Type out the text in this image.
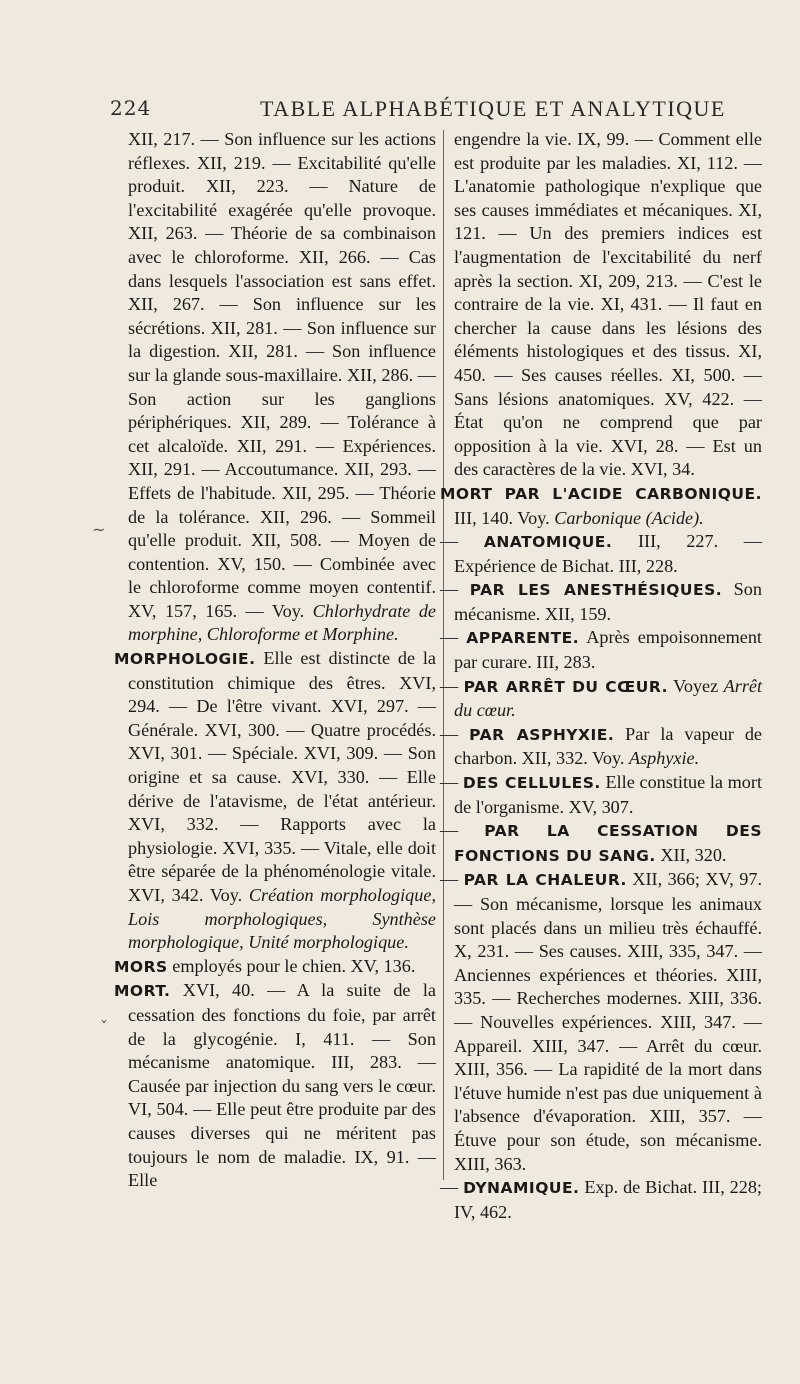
224	TABLE ALPHABÉTIQUE ET ANALYTIQUE
~
ˇ

XII, 217. — Son influence sur les actions réflexes. XII, 219. — Excitabilité qu'elle produit. XII, 223. — Nature de l'excitabilité exagérée qu'elle provoque. XII, 263. — Théorie de sa combinaison avec le chloroforme. XII, 266. — Cas dans lesquels l'association est sans effet. XII, 267. — Son influence sur les sécrétions. XII, 281. — Son influence sur la digestion. XII, 281. — Son influence sur la glande sous-maxillaire. XII, 286. — Son action sur les ganglions périphériques. XII, 289. — Tolérance à cet alcaloïde. XII, 291. — Expériences. XII, 291. — Accoutumance. XII, 293. — Effets de l'habitude. XII, 295. — Théorie de la tolérance. XII, 296. — Sommeil qu'elle produit. XII, 508. — Moyen de contention. XV, 150. — Combinée avec le chloroforme comme moyen contentif. XV, 157, 165. — Voy. Chlorhydrate de morphine, Chloroforme et Morphine.

MORPHOLOGIE. Elle est distincte de la constitution chimique des êtres. XVI, 294. — De l'être vivant. XVI, 297. — Générale. XVI, 300. — Quatre procédés. XVI, 301. — Spéciale. XVI, 309. — Son origine et sa cause. XVI, 330. — Elle dérive de l'atavisme, de l'état antérieur. XVI, 332. — Rapports avec la physiologie. XVI, 335. — Vitale, elle doit être séparée de la phénoménologie vitale. XVI, 342. Voy. Création morphologique, Lois morphologiques, Synthèse morphologique, Unité morphologique.

MORS employés pour le chien. XV, 136.

MORT. XVI, 40. — A la suite de la cessation des fonctions du foie, par arrêt de la glycogénie. I, 411. — Son mécanisme anatomique. III, 283. — Causée par injection du sang vers le cœur. VI, 504. — Elle peut être produite par des causes diverses qui ne méritent pas toujours le nom de maladie. IX, 91. — Elle

engendre la vie. IX, 99. — Comment elle est produite par les maladies. XI, 112. — L'anatomie pathologique n'explique que ses causes immédiates et mécaniques. XI, 121. — Un des premiers indices est l'augmentation de l'excitabilité du nerf après la section. XI, 209, 213. — C'est le contraire de la vie. XI, 431. — Il faut en chercher la cause dans les lésions des éléments histologiques et des tissus. XI, 450. — Ses causes réelles. XI, 500. — Sans lésions anatomiques. XV, 422. — État qu'on ne comprend que par opposition à la vie. XVI, 28. — Est un des caractères de la vie. XVI, 34.

MORT PAR L'ACIDE CARBONIQUE. III, 140. Voy. Carbonique (Acide).

— ANATOMIQUE. III, 227. — Expérience de Bichat. III, 228.

— PAR LES ANESTHÉSIQUES. Son mécanisme. XII, 159.

— APPARENTE. Après empoisonnement par curare. III, 283.

— PAR ARRÊT DU CŒUR. Voyez Arrêt du cœur.

— PAR ASPHYXIE. Par la vapeur de charbon. XII, 332. Voy. Asphyxie.

— DES CELLULES. Elle constitue la mort de l'organisme. XV, 307.

— PAR LA CESSATION DES FONCTIONS DU SANG. XII, 320.

— PAR LA CHALEUR. XII, 366; XV, 97. — Son mécanisme, lorsque les animaux sont placés dans un milieu très échauffé. X, 231. — Ses causes. XIII, 335, 347. — Anciennes expériences et théories. XIII, 335. — Recherches modernes. XIII, 336. — Nouvelles expériences. XIII, 347. — Appareil. XIII, 347. — Arrêt du cœur. XIII, 356. — La rapidité de la mort dans l'étuve humide n'est pas due uniquement à l'absence d'évaporation. XIII, 357. — Étuve pour son étude, son mécanisme. XIII, 363.

— DYNAMIQUE. Exp. de Bichat. III, 228; IV, 462.
